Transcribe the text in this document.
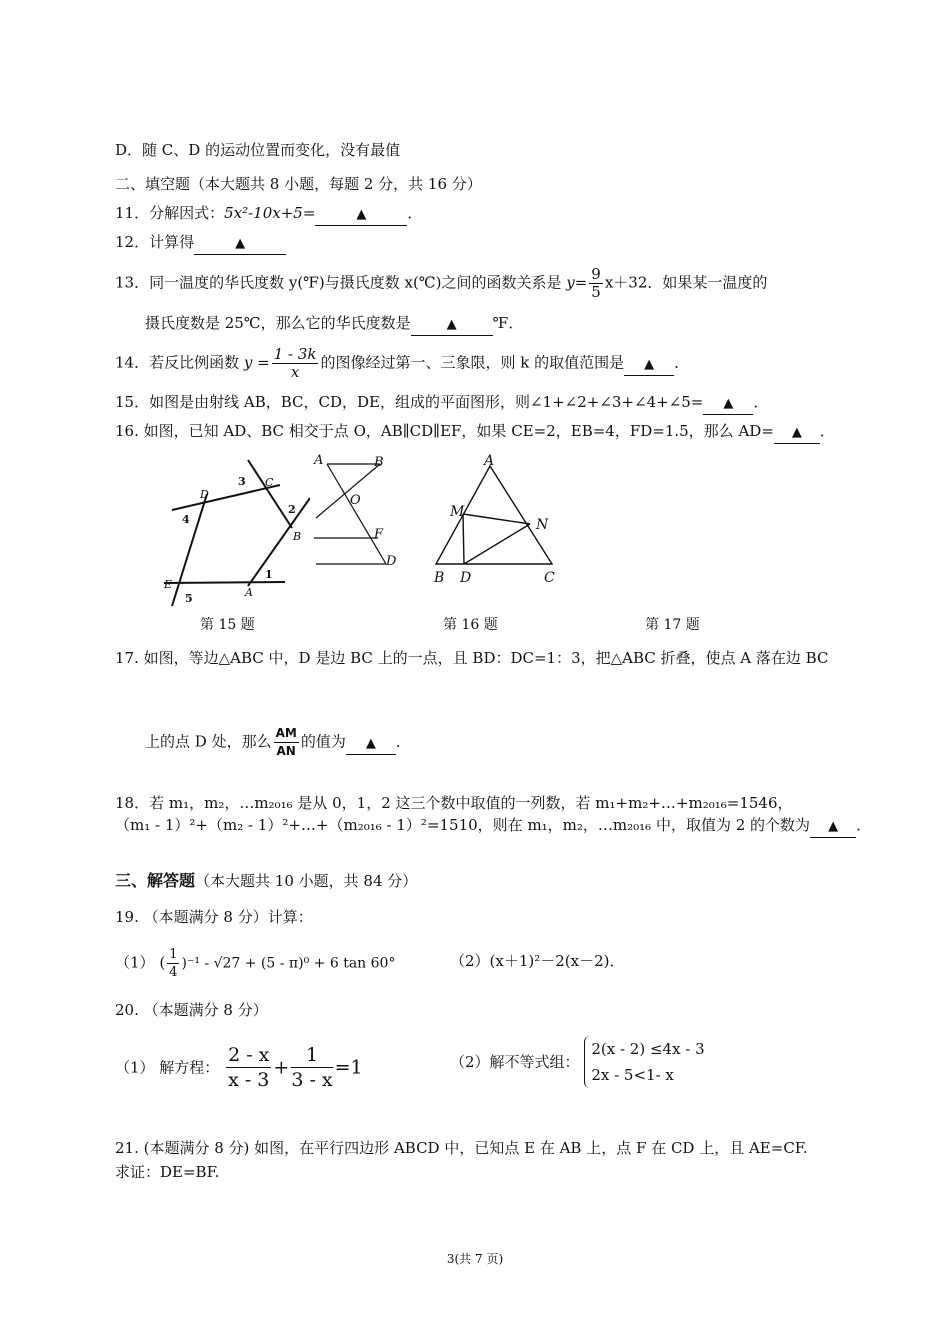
D．随 C、D 的运动位置而变化，没有最值
二、填空题（本大题共 8 小题，每题 2 分，共 16 分）
11．分解因式：5x²-10x+5=	▲	．
12．计算得	▲
13．同一温度的华氏度数 y(℉)与摄氏度数 x(℃)之间的函数关系是 $y= \frac{9}{5} x+32$．如果某一温度的
摄氏度数是 25℃，那么它的华氏度数是	▲ ℉．
14．若反比例函数 $y = \frac{1 - 3k}{x}$ 的图像经过第一、三象限，则 k 的取值范围是 ▲ ．
15．如图是由射线 AB，BC，CD，DE，组成的平面图形，则∠1+∠2+∠3+∠4+∠5= ▲ ．
16. 如图，已知 AD、BC 相交于点 O，AB∥CD∥EF，如果 CE=2，EB=4，FD=1.5，那么 AD= ▲ ．
D
C
B
A
E
3
2
4
1
5
A	B
O
F
D
A
M
N
B D	C
第 15 题	第 16 题	第 17 题
17. 如图，等边△ABC 中，D 是边 BC 上的一点，且 BD：DC=1：3，把△ABC 折叠，使点 A 落在边 BC
上的点 D 处，那么 $\frac{AM}{AN}$ 的值为 ▲ ．
18．若 m₁，m₂，…m₂₀₁₆ 是从 0，1，2 这三个数中取值的一列数，若 m₁+m₂+…+m₂₀₁₆=1546，
（m₁ - 1）²+（m₂ - 1）²+…+（m₂₀₁₆ - 1）²=1510，则在 m₁，m₂，…m₂₀₁₆ 中，取值为 2 的个数为 ▲ ．
三、解答题（本大题共 10 小题，共 84 分）
19. （本题满分 8 分）计算：
（1） ( $\frac{1}{4} )^{-1} - √27 + (5 - \pi)^0 + 6$ tan 60°	（2）(x＋1)²－2(x－2)．
20. （本题满分 8 分）
（1） 解方程： $\frac{2 - x}{x - 3} + \frac{1}{3 - x} =1$	（2）解不等式组：
2(x - 2) ≤4x - 3
2x - 5<1- x
21. (本题满分 8 分) 如图，在平行四边形 ABCD 中，已知点 E 在 AB 上，点 F 在 CD 上，且 AE=CF.
求证：DE=BF.
3(共 7 页)
